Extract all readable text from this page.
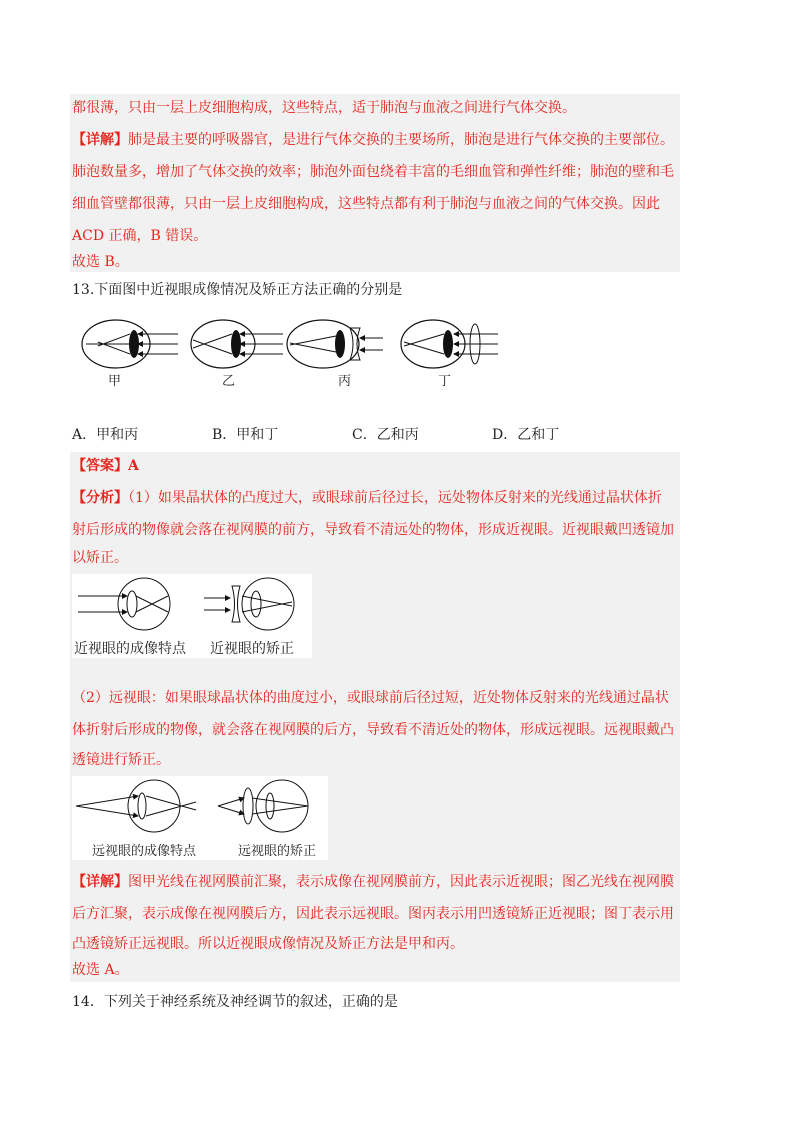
都很薄，只由一层上皮细胞构成，这些特点，适于肺泡与血液之间进行气体交换。
【详解】肺是最主要的呼吸器官，是进行气体交换的主要场所，肺泡是进行气体交换的主要部位。
肺泡数量多，增加了气体交换的效率；肺泡外面包绕着丰富的毛细血管和弹性纤维；肺泡的壁和毛
细血管壁都很薄，只由一层上皮细胞构成，这些特点都有利于肺泡与血液之间的气体交换。因此
ACD 正确，B 错误。
故选 B。
13.下面图中近视眼成像情况及矫正方法正确的分别是
甲	乙	丙	丁
A．甲和丙	B．甲和丁	C．乙和丙	D．乙和丁
【答案】A
【分析】（1）如果晶状体的凸度过大，或眼球前后径过长，远处物体反射来的光线通过晶状体折
射后形成的物像就会落在视网膜的前方，导致看不清远处的物体，形成近视眼。近视眼戴凹透镜加
以矫正。
近视眼的成像特点 近视眼的矫正
（2）远视眼：如果眼球晶状体的曲度过小，或眼球前后径过短，近处物体反射来的光线通过晶状
体折射后形成的物像，就会落在视网膜的后方，导致看不清近处的物体，形成远视眼。远视眼戴凸
透镜进行矫正。
远视眼的成像特点	远视眼的矫正
【详解】图甲光线在视网膜前汇聚，表示成像在视网膜前方，因此表示近视眼；图乙光线在视网膜
后方汇聚，表示成像在视网膜后方，因此表示远视眼。图丙表示用凹透镜矫正近视眼；图丁表示用
凸透镜矫正远视眼。所以近视眼成像情况及矫正方法是甲和丙。
故选 A。
14．下列关于神经系统及神经调节的叙述，正确的是
